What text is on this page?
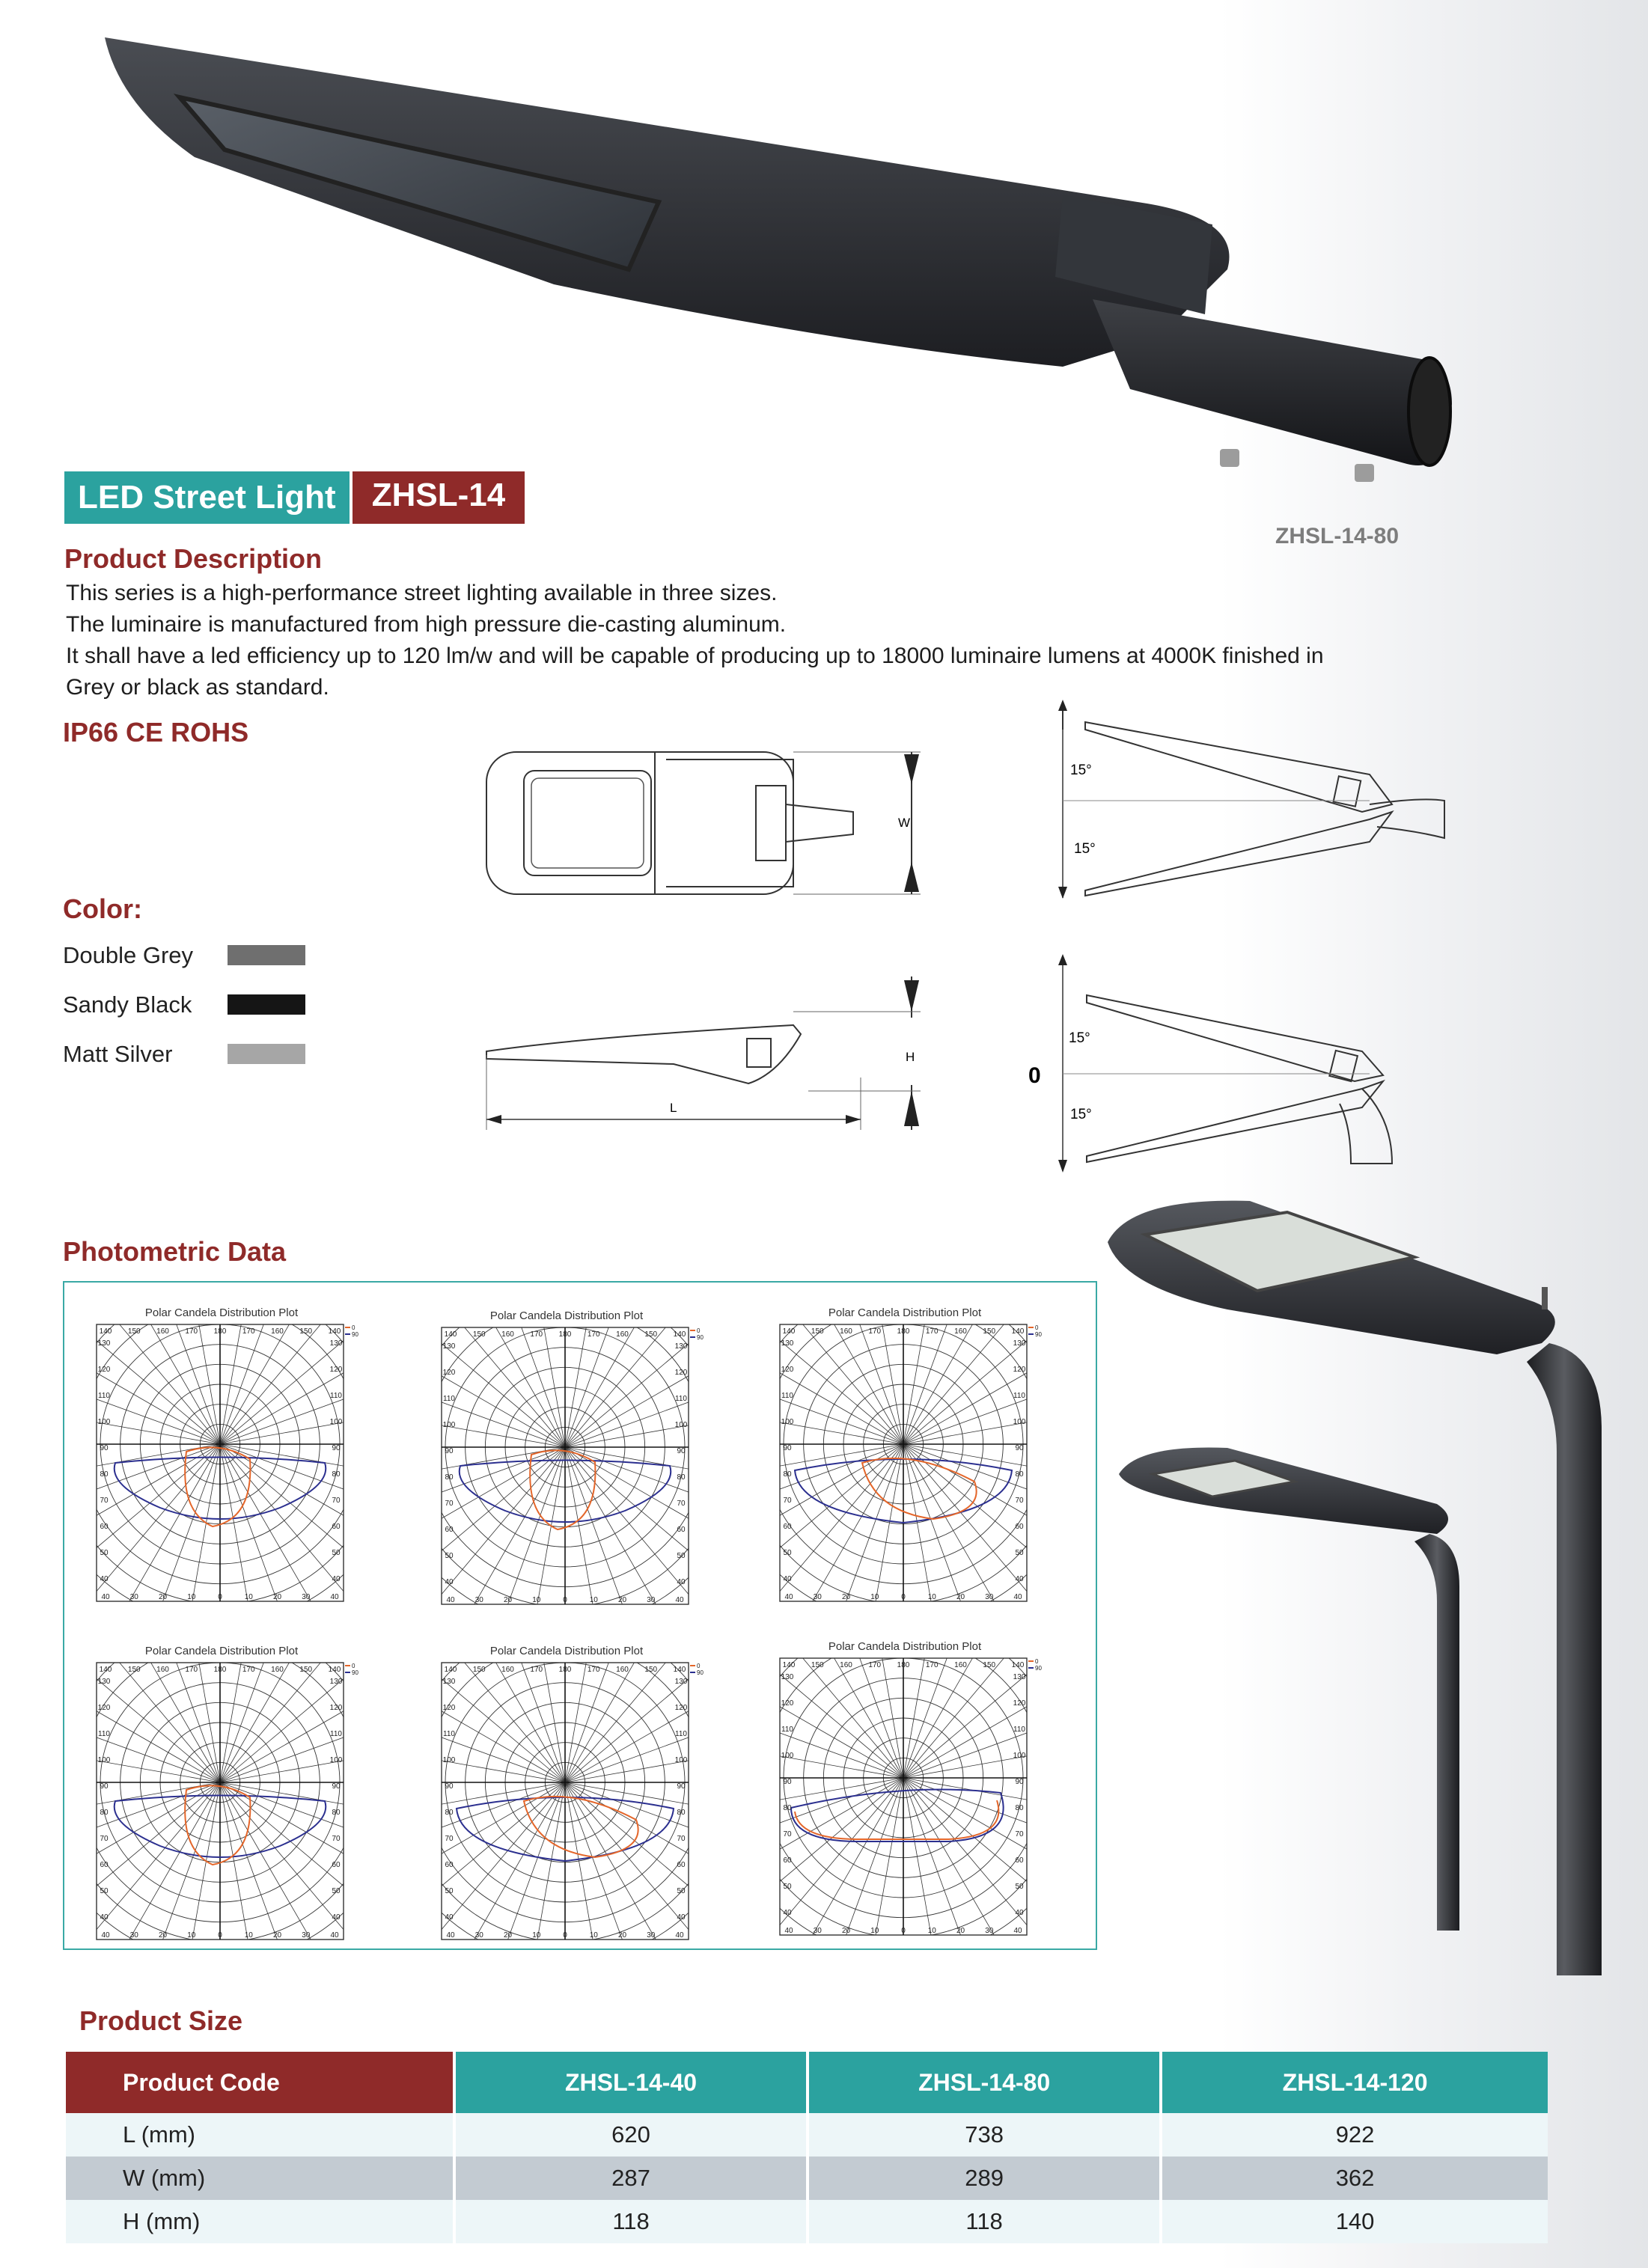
LED Street Light	ZHSL-14
ZHSL-14-80
Product Description

This series is a high-performance street lighting available in three sizes.

The luminaire is manufactured from high pressure die-casting aluminum.

It shall have a led efficiency up to 120 lm/w and will be capable of producing up to 18000 luminaire lumens at 4000K finished in

Grey or black as standard.

IP66 CE ROHS
Color:
Double Grey
Sandy Black
Matt Silver
W
H
L
15°
15°
15°
15°
0
Photometric Data
Polar Candela Distribution Plot
140 150 160 170 180 170 160 150 140
40	30	20	10	0	10	20	30	40
130	130
120	120
110	110
100	100
90	90
80	80
70	70
60	60
50	50
40	40
0
90
Polar Candela Distribution Plot
140 150 160 170 180 170 160 150 140
40	30	20	10	0	10	20	30	40
130	130
120	120
110	110
100	100
90	90
80	80
70	70
60	60
50	50
40	40
0
90
Polar Candela Distribution Plot
140 150 160 170 180 170 160 150 140
40	30	20	10	0	10	20	30	40
130	130
120	120
110	110
100	100
90	90
80	80
70	70
60	60
50	50
40	40
0
90
Polar Candela Distribution Plot
140 150 160 170 180 170 160 150 140
40	30	20	10	0	10	20	30	40
130	130
120	120
110	110
100	100
90	90
80	80
70	70
60	60
50	50
40	40
0
90
Polar Candela Distribution Plot
140 150 160 170 180 170 160 150 140
40	30	20	10	0	10	20	30	40
130	130
120	120
110	110
100	100
90	90
80	80
70	70
60	60
50	50
40	40
0
90
Polar Candela Distribution Plot
140 150 160 170 180 170 160 150 140
40	30	20	10	0	10	20	30	40
130	130
120	120
110	110
100	100
90	90
80	80
70	70
60	60
50	50
40	40
0
90
Product Size
Product Code	ZHSL-14-40	ZHSL-14-80	ZHSL-14-120
L (mm)	620	738	922
W (mm)	287	289	362
H (mm)	118	118	140
